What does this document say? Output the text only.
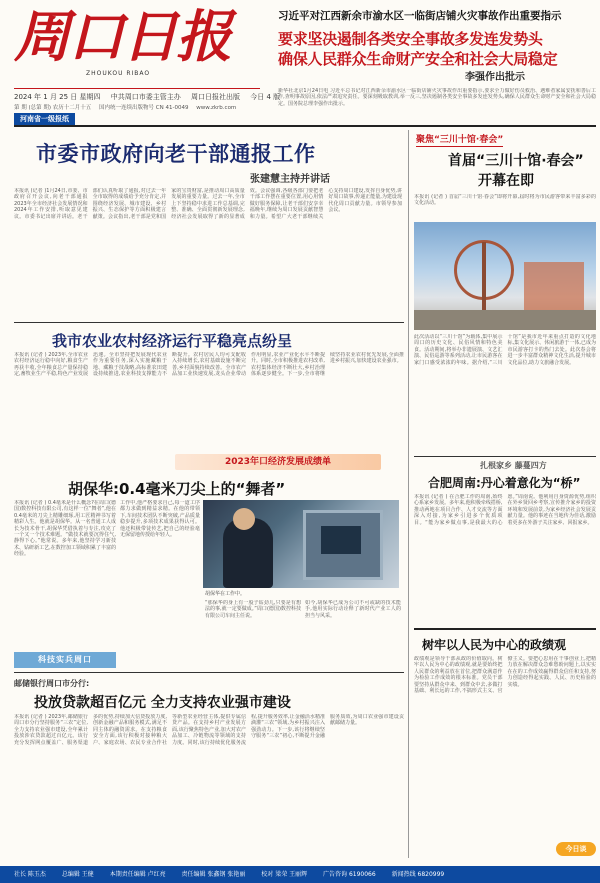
周口日报
ZHOUKOU RIBAO
习近平对江西新余市渝水区一临街店铺火灾事故作出重要指示
要求坚决遏制各类安全事故多发连发势头
确保人民群众生命财产安全和社会大局稳定
李强作出批示
2024 年 1 月 25 日 星期四 中共周口市委主管主办 周口日报社出版 今日 4 版
第 期 (总第 期) 农历十二月十五 国内统一连续出版物号 CN 41-0049 www.zkrb.com
河南省一级报纸
新华社北京1月24日电 习近平总书记对江西新余市渝水区一临街店铺火灾事故作出重要指示,要求全力做好伤员救治、遇难者家属安抚和善后工作,查明事故原因,依法严肃追究责任。要深刻吸取教训,举一反三,坚决遏制各类安全事故多发连发势头,确保人民群众生命财产安全和社会大局稳定。国务院总理李强作出批示。
市委市政府向老干部通报工作
张建慧主持并讲话
本报讯 (记者 )1月24日,市委、市政府召开会议,向老干部通报2023年全市经济社会发展情况和2024年工作安排,听取意见建议。市委书记出席并讲话。老干部们认真听取了通报,对过去一年全市取得的成绩给予充分肯定,并围绕经济发展、城市建设、乡村振兴、生态保护等方面积极建言献策。会议指出,老干部是党和国家的宝贵财富,是推动周口高质量发展的重要力量。过去一年,全市上下坚持稳中求进工作总基调,完整、准确、全面贯彻新发展理念,经济社会发展取得了新的显著成效。会议强调,各级各部门要把老干部工作摆在重要位置,用心用情做好服务保障,让老干部们安享幸福晚年,继续为周口发展贡献智慧和力量。希望广大老干部继续关心支持周口建设,发挥自身优势,讲好周口故事,传递正能量,为建设现代化周口贡献力量。市领导参加会议。
我市农业农村经济运行平稳亮点纷呈
本报讯 (记者 ) 2023年,全市农业农村经济运行稳中向好,粮食生产再获丰收,全年粮食总产量保持稳定,畜牧业生产平稳,特色产业发展迅速。全市坚持把发展现代农业作为重要任务,深入实施藏粮于地、藏粮于技战略,高标准农田建设持续推进,农业科技支撑能力不断提升。农村居民人均可支配收入持续增长,农村基础设施不断完善,乡村面貌持续改善。全市农产品加工业快速发展,龙头企业带动作用明显,农业产业化水平不断提升。同时,全市积极推进农村改革,农村集体经济不断壮大,乡村治理体系逐步健全。下一步,全市将继续坚持农业农村优先发展,全面推进乡村振兴,加快建设农业强市。
2023年口经济发展成绩单
胡保华:0.4毫米刀尖上的“舞者”
本报讯 (记者 ) 0.4毫米是什么概念?在周口(德国)数控科技有限公司,有这样一位“舞者”,他在0.4毫米的刀尖上精雕细琢,用工匠精神书写着精彩人生。他就是胡保华。从一名普通工人成长为技术骨干,胡保华凭借执着与专注,攻克了一个又一个技术难题。“做技术就要沉得住气,静得下心。”他常说。多年来,他坚持学习新技术、钻研新工艺,在数控加工领域积累了丰富的经验。
工作中,他严格要求自己,每一道工序都力求做到精益求精。在他的带领下,车间技术团队不断突破,产品质量稳步提升,多项技术成果获得认可。他还积极带徒传艺,把自己的经验毫无保留地传授给年轻人。
胡保华在工作中。
“那保华的身上有一股子钻劲儿,只要是有想法的事,就一定要做成。”周口(德国)数控科技有限公司车间主任说。
如今,胡保华已成为公司不可或缺的技术能手,他用实际行动诠释了新时代产业工人的担当与风采。
科技实兵周口
邮储银行周口市分行:
投放贷款超百亿元 全力支持农业强市建设
本报讯 (记者 ) 2023年,邮储银行周口市分行坚持服务“三农”定位,全力支持农业强市建设,全年累计投放涉农贷款超过百亿元。该行充分发挥网点覆盖广、服务渠道多的优势,持续加大信贷投放力度,创新金融产品和服务模式,满足不同主体的融资需求。在支持粮食安全方面,该行积极对接种粮大户、家庭农场、农民专业合作社等新型农业经营主体,提供专属信贷产品。在支持乡村产业发展方面,该行聚焦特色产业,加大对农产品加工、冷链物流等领域的支持力度。同时,该行持续优化服务流程,提升服务效率,让金融活水精准滴灌“三农”领域,为乡村振兴注入强劲动力。下一步,该行将继续坚守服务“三农”初心,不断提升金融服务质效,为周口农业强市建设贡献邮储力量。
聚焦“三川十馆·春会”
首届“三川十馆·春会”
开幕在即
本报讯 (记者 ) 首届“三川十馆·春会”即将开幕,届时将为市民游客带来丰富多彩的文化活动。
此次活动以“三川十馆”为载体,集中展示周口的历史文化、民俗风情和特色美食。活动期间,将举办非遗展演、文艺汇演、民俗巡游等系列活动,让市民游客在家门口感受浓浓的年味。据介绍,“三川十馆”是我市近年来重点打造的文化地标,集文化展示、休闲旅游于一体,已成为市民游客打卡的热门去处。此次春会将进一步丰富群众精神文化生活,提升城市文化品位,助力文旅融合发展。
扎根家乡 藤蔓四方
合肥周南:丹心着意化为“桥”
本报讯 (记者 ) 在合肥工作的周南,始终心系家乡发展。多年来,他积极牵线搭桥,推动两地在项目合作、人才交流等方面深入对接,为家乡引进多个优质项目。“能为家乡做点事,是我最大的心愿。”周南说。他利用自身资源优势,组织在外乡贤回乡考察,宣传推介家乡的投资环境和发展前景,为家乡经济社会发展贡献力量。他的事迹在当地传为佳话,激励着更多在外游子关注家乡、回报家乡。
树牢以人民为中心的政绩观
政绩观是领导干部从政的价值取向。树牢以人民为中心的政绩观,就是要始终把人民群众的利益放在首位,把群众满意作为检验工作成效的根本标准。党员干部要坚持从群众中来、到群众中去,多做打基础、利长远的工作,不搞形式主义、官僚主义。要把心思用在干事创业上,把精力放在解决群众急难愁盼问题上,以实实在在的工作成效赢得群众信任和支持,努力创造经得起实践、人民、历史检验的实绩。
今日谈
社长 陈玉杰	总编辑 王健	本期责任编辑 卢红亮	责任编辑 张鑫钢 张艳丽	校对 梁荣 王丽辉	广告咨询 6190066	新闻热线 6820999
